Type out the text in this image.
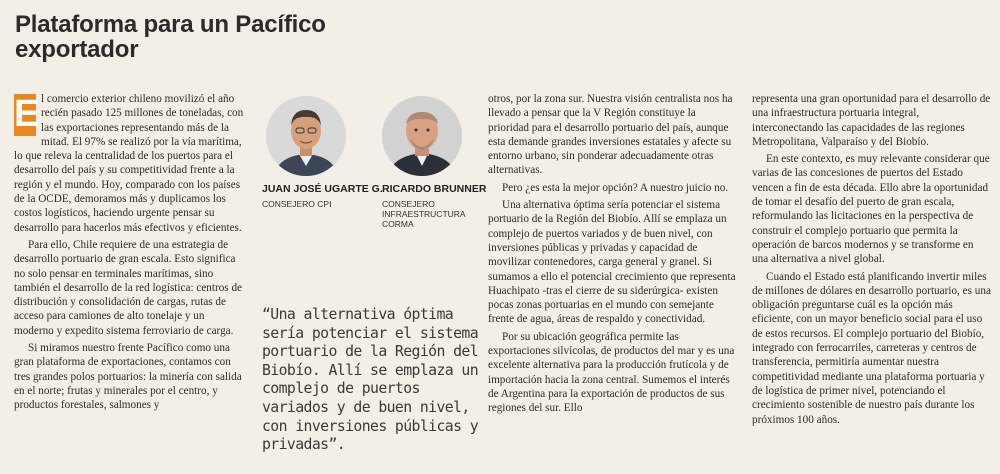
Plataforma para un Pacífico
exportador

E l comercio exterior chileno movilizó el año recién pasado 125 millones de toneladas, con las exportaciones representando más de la mitad. El 97% se realizó por la vía marítima, lo que releva la centralidad de los puertos para el desarrollo del país y su competitividad frente a la región y el mundo. Hoy, comparado con los países de la OCDE, demoramos más y duplicamos los costos logísticos, haciendo urgente pensar su desarrollo para hacerlos más efectivos y eficientes.

Para ello, Chile requiere de una estrategia de desarrollo portuario de gran escala. Esto significa no solo pensar en terminales marítimas, sino también el desarrollo de la red logística: centros de distribución y consolidación de cargas, rutas de acceso para camiones de alto tonelaje y un moderno y expedito sistema ferroviario de carga.

Si miramos nuestro frente Pacífico como una gran plataforma de exportaciones, contamos con tres grandes polos portuarios: la minería con salida en el norte; frutas y minerales por el centro, y productos forestales, salmones y

JUAN JOSÉ UGARTE G.
CONSEJERO CPI
RICARDO BRUNNER
CONSEJERO INFRAESTRUCTURA CORMA

“Una alternativa óptima sería potenciar el sistema portuario de la Región del Biobío. Allí se emplaza un complejo de puertos variados y de buen nivel, con inversiones públicas y privadas”.

otros, por la zona sur. Nuestra visión centralista nos ha llevado a pensar que la V Región constituye la prioridad para el desarrollo portuario del país, aunque esta demande grandes inversiones estatales y afecte su entorno urbano, sin ponderar adecuadamente otras alternativas.

Pero ¿es esta la mejor opción? A nuestro juicio no.

Una alternativa óptima sería potenciar el sistema portuario de la Región del Biobío. Allí se emplaza un complejo de puertos variados y de buen nivel, con inversiones públicas y privadas y capacidad de movilizar contenedores, carga general y granel. Si sumamos a ello el potencial crecimiento que representa Huachipato -tras el cierre de su siderúrgica- existen pocas zonas portuarias en el mundo con semejante frente de agua, áreas de respaldo y conectividad.

Por su ubicación geográfica permite las exportaciones silvícolas, de productos del mar y es una excelente alternativa para la producción frutícola y de importación hacia la zona central. Sumemos el interés de Argentina para la exportación de productos de sus regiones del sur. Ello

representa una gran oportunidad para el desarrollo de una infraestructura portuaria integral, interconectando las capacidades de las regiones Metropolitana, Valparaíso y del Biobío.

En este contexto, es muy relevante considerar que varias de las concesiones de puertos del Estado vencen a fin de esta década. Ello abre la oportunidad de tomar el desafío del puerto de gran escala, reformulando las licitaciones en la perspectiva de construir el complejo portuario que permita la operación de barcos modernos y se transforme en una alternativa a nivel global.

Cuando el Estado está planificando invertir miles de millones de dólares en desarrollo portuario, es una obligación preguntarse cuál es la opción más eficiente, con un mayor beneficio social para el uso de estos recursos. El complejo portuario del Biobío, integrado con ferrocarriles, carreteras y centros de transferencia, permitiría aumentar nuestra competitividad mediante una plataforma portuaria y de logística de primer nivel, potenciando el crecimiento sostenible de nuestro país durante los próximos 100 años.
